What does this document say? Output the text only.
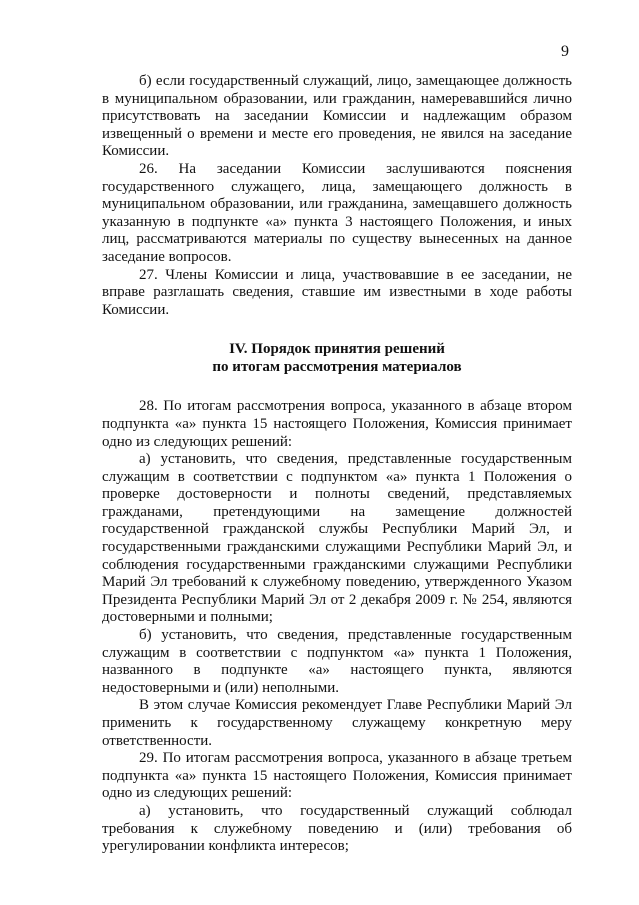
9

б) если государственный служащий, лицо, замещающее должность в муниципальном образовании, или гражданин, намеревавшийся лично присутствовать на заседании Комиссии и надлежащим образом извещенный о времени и месте его проведения, не явился на заседание Комиссии.

26. На заседании Комиссии заслушиваются пояснения государственного служащего, лица, замещающего должность в муниципальном образовании, или гражданина, замещавшего должность указанную в подпункте «а» пункта 3 настоящего Положения, и иных лиц, рассматриваются материалы по существу вынесенных на данное заседание вопросов.

27. Члены Комиссии и лица, участвовавшие в ее заседании, не вправе разглашать сведения, ставшие им известными в ходе работы Комиссии.

IV. Порядок принятия решений
по итогам рассмотрения материалов

28. По итогам рассмотрения вопроса, указанного в абзаце втором подпункта «а» пункта 15 настоящего Положения, Комиссия принимает одно из следующих решений:

а) установить, что сведения, представленные государственным служащим в соответствии с подпунктом «а» пункта 1 Положения о проверке достоверности и полноты сведений, представляемых гражданами, претендующими на замещение должностей государственной гражданской службы Республики Марий Эл, и государственными гражданскими служащими Республики Марий Эл, и соблюдения государственными гражданскими служащими Республики Марий Эл требований к служебному поведению, утвержденного Указом Президента Республики Марий Эл от 2 декабря 2009 г. № 254, являются достоверными и полными;

б) установить, что сведения, представленные государственным служащим в соответствии с подпунктом «а» пункта 1 Положения, названного в подпункте «а» настоящего пункта, являются недостоверными и (или) неполными.

В этом случае Комиссия рекомендует Главе Республики Марий Эл применить к государственному служащему конкретную меру ответственности.

29. По итогам рассмотрения вопроса, указанного в абзаце третьем подпункта «а» пункта 15 настоящего Положения, Комиссия принимает одно из следующих решений:

а) установить, что государственный служащий соблюдал требования к служебному поведению и (или) требования об урегулировании конфликта интересов;
